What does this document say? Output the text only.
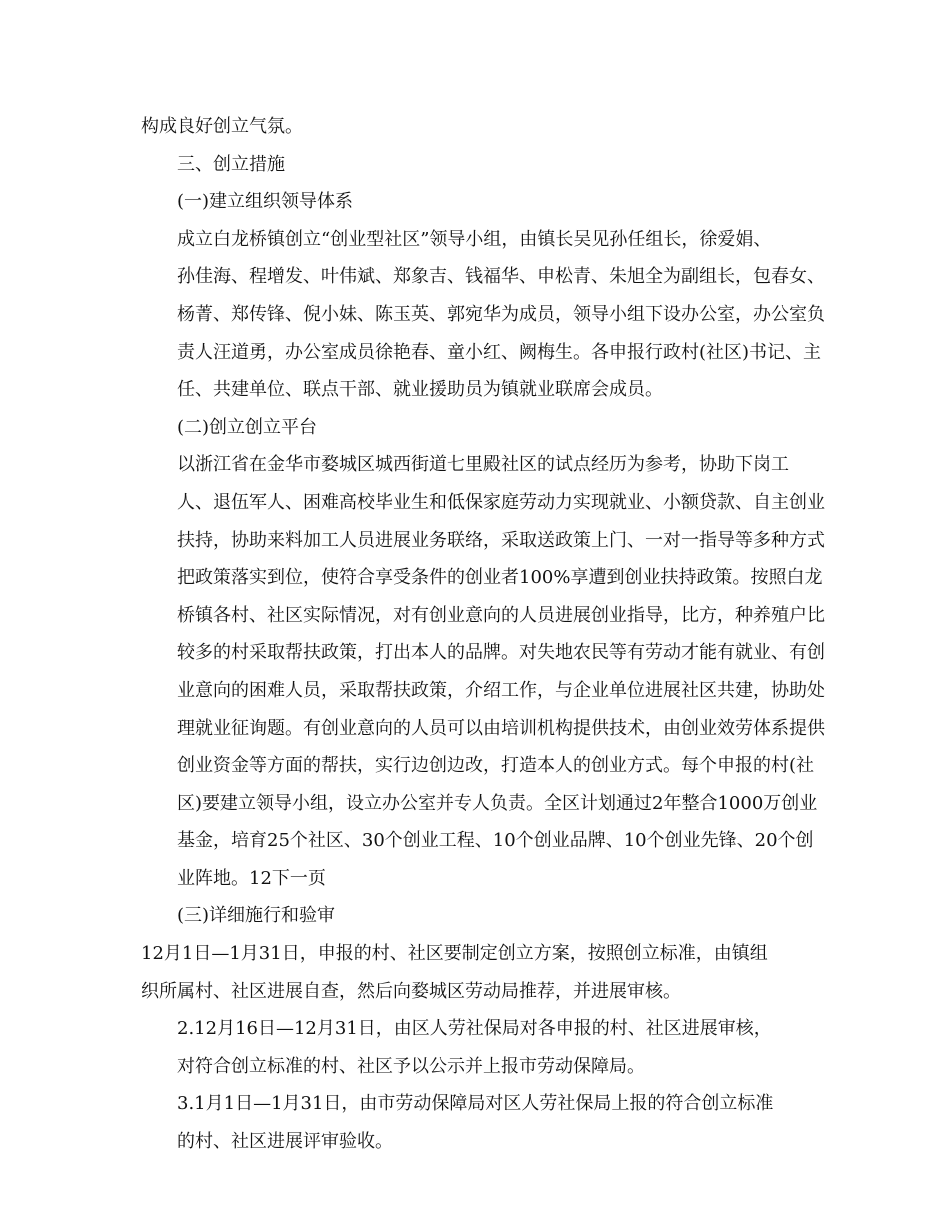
构成良好创立气氛。

三、创立措施

(一)建立组织领导体系

成立白龙桥镇创立“创业型社区”领导小组，由镇长吴见孙任组长，徐爱娟、
孙佳海、程增发、叶伟斌、郑象吉、钱福华、申松青、朱旭全为副组长，包春女、
杨菁、郑传锋、倪小妹、陈玉英、郭宛华为成员，领导小组下设办公室，办公室负
责人汪道勇，办公室成员徐艳春、童小红、阙梅生。各申报行政村(社区)书记、主
任、共建单位、联点干部、就业援助员为镇就业联席会成员。

(二)创立创立平台

以浙江省在金华市婺城区城西街道七里殿社区的试点经历为参考，协助下岗工
人、退伍军人、困难高校毕业生和低保家庭劳动力实现就业、小额贷款、自主创业
扶持，协助来料加工人员进展业务联络，采取送政策上门、一对一指导等多种方式
把政策落实到位，使符合享受条件的创业者100%享遭到创业扶持政策。按照白龙
桥镇各村、社区实际情况，对有创业意向的人员进展创业指导，比方，种养殖户比
较多的村采取帮扶政策，打出本人的品牌。对失地农民等有劳动才能有就业、有创
业意向的困难人员，采取帮扶政策，介绍工作，与企业单位进展社区共建，协助处
理就业征询题。有创业意向的人员可以由培训机构提供技术，由创业效劳体系提供
创业资金等方面的帮扶，实行边创边改，打造本人的创业方式。每个申报的村(社
区)要建立领导小组，设立办公室并专人负责。全区计划通过2年整合1000万创业
基金，培育25个社区、30个创业工程、10个创业品牌、10个创业先锋、20个创
业阵地。12下一页

(三)详细施行和验审

12月1日—1月31日，申报的村、社区要制定创立方案，按照创立标准，由镇组
织所属村、社区进展自查，然后向婺城区劳动局推荐，并进展审核。

2.12月16日—12月31日，由区人劳社保局对各申报的村、社区进展审核，
对符合创立标准的村、社区予以公示并上报市劳动保障局。

3.1月1日—1月31日，由市劳动保障局对区人劳社保局上报的符合创立标准
的村、社区进展评审验收。
